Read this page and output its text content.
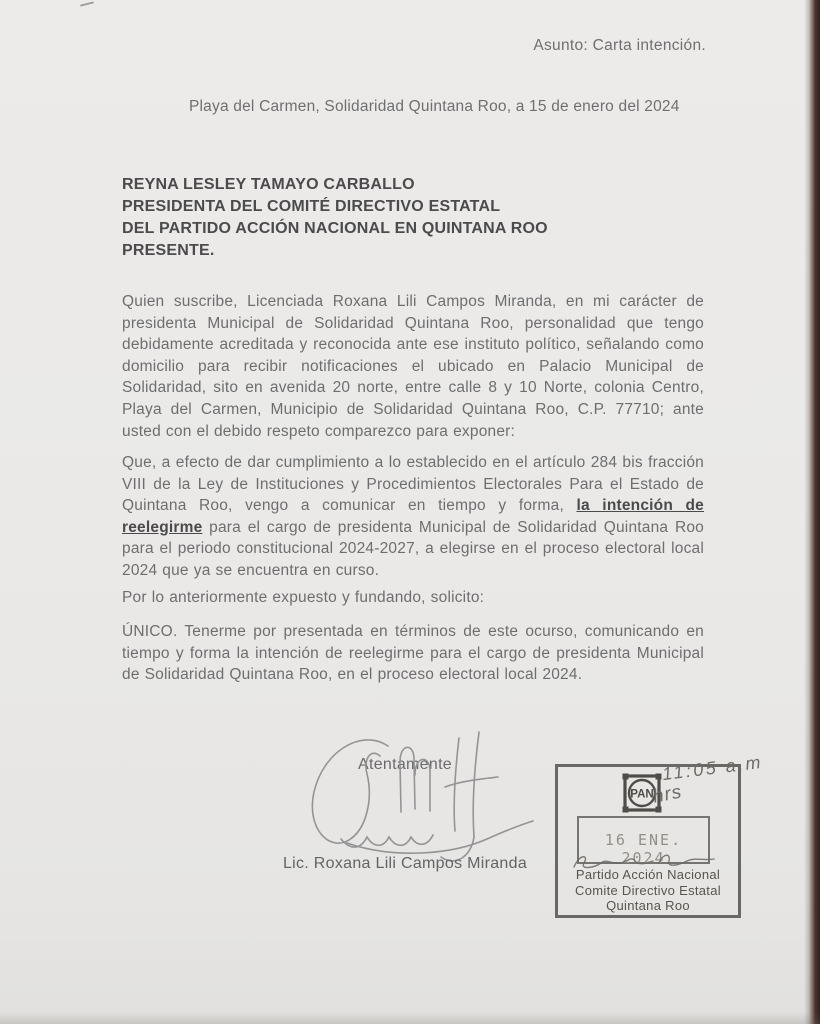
Asunto: Carta intención.
Playa del Carmen, Solidaridad Quintana Roo, a 15 de enero del 2024
REYNA LESLEY TAMAYO CARBALLO
PRESIDENTA DEL COMITÉ DIRECTIVO ESTATAL
DEL PARTIDO ACCIÓN NACIONAL EN QUINTANA ROO
PRESENTE.

Quien suscribe, Licenciada Roxana Lili Campos Miranda, en mi carácter de presidenta Municipal de Solidaridad Quintana Roo, personalidad que tengo debidamente acreditada y reconocida ante ese instituto político, señalando como domicilio para recibir notificaciones el ubicado en Palacio Municipal de Solidaridad, sito en avenida 20 norte, entre calle 8 y 10 Norte, colonia Centro, Playa del Carmen, Municipio de Solidaridad Quintana Roo, C.P. 77710; ante usted con el debido respeto comparezco para exponer:

Que, a efecto de dar cumplimiento a lo establecido en el artículo 284 bis fracción VIII de la Ley de Instituciones y Procedimientos Electorales Para el Estado de Quintana Roo, vengo a comunicar en tiempo y forma, la intención de reelegirme para el cargo de presidenta Municipal de Solidaridad Quintana Roo para el periodo constitucional 2024-2027, a elegirse en el proceso electoral local 2024 que ya se encuentra en curso.

Por lo anteriormente expuesto y fundando, solicito:

ÚNICO. Tenerme por presentada en términos de este ocurso, comunicando en tiempo y forma la intención de reelegirme para el cargo de presidenta Municipal de Solidaridad Quintana Roo, en el proceso electoral local 2024.

Atentamente
Lic. Roxana Lili Campos Miranda
PAN
16 ENE. 2024
Partido Acción Nacional
Comite Directivo Estatal
Quintana Roo
11:05 a.m
hrs
